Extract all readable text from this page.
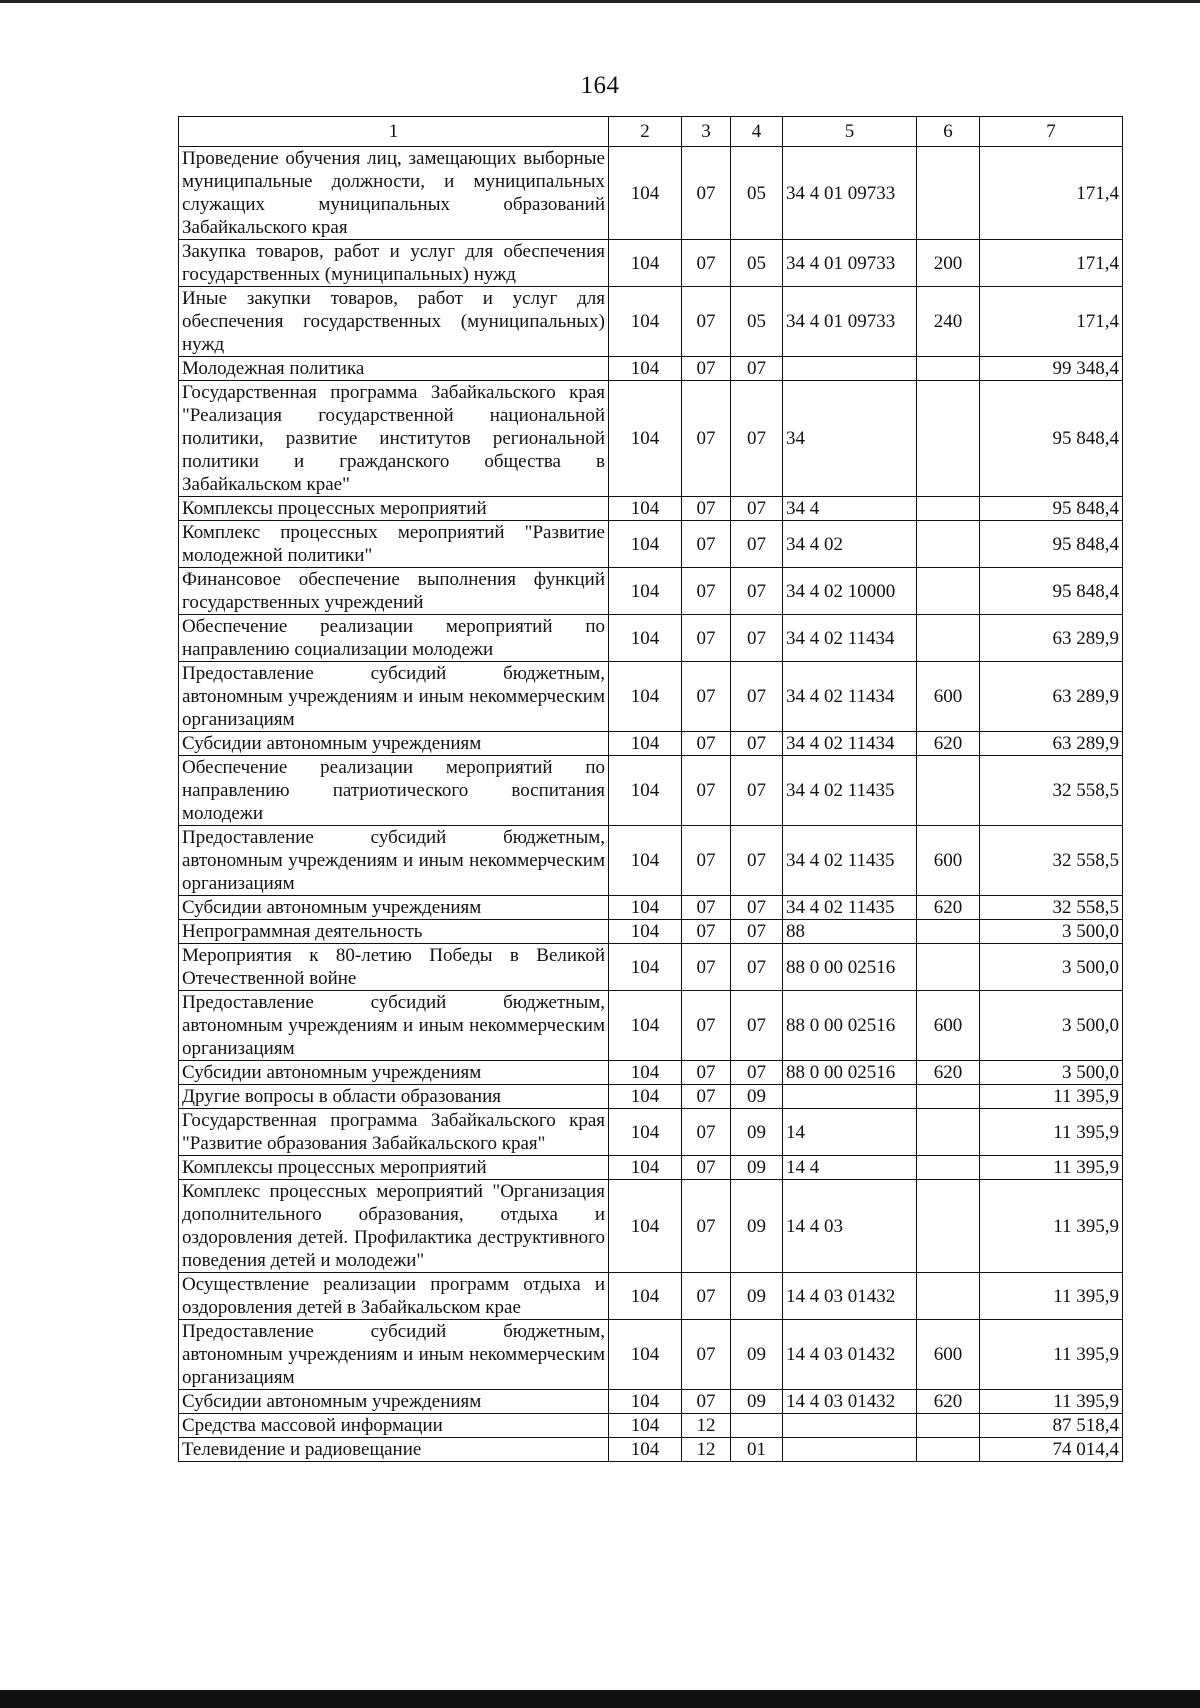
164
1	2	3	4	5	6	7
Проведение обучения лиц, замещающих выборные муниципальные должности, и муниципальных служащих муниципальных образований Забайкальского края	104	07	05	34 4 01 09733		171,4
Закупка товаров, работ и услуг для обеспечения государственных (муниципальных) нужд	104	07	05	34 4 01 09733	200	171,4
Иные закупки товаров, работ и услуг для обеспечения государственных (муниципальных) нужд	104	07	05	34 4 01 09733	240	171,4
Молодежная политика	104	07	07			99 348,4
Государственная программа Забайкальского края "Реализация государственной национальной политики, развитие институтов региональной политики и гражданского общества в Забайкальском крае"	104	07	07	34		95 848,4
Комплексы процессных мероприятий	104	07	07	34 4		95 848,4
Комплекс процессных мероприятий "Развитие молодежной политики"	104	07	07	34 4 02		95 848,4
Финансовое обеспечение выполнения функций государственных учреждений	104	07	07	34 4 02 10000		95 848,4
Обеспечение реализации мероприятий по направлению социализации молодежи	104	07	07	34 4 02 11434		63 289,9
Предоставление субсидий бюджетным, автономным учреждениям и иным некоммерческим организациям	104	07	07	34 4 02 11434	600	63 289,9
Субсидии автономным учреждениям	104	07	07	34 4 02 11434	620	63 289,9
Обеспечение реализации мероприятий по направлению патриотического воспитания молодежи	104	07	07	34 4 02 11435		32 558,5
Предоставление субсидий бюджетным, автономным учреждениям и иным некоммерческим организациям	104	07	07	34 4 02 11435	600	32 558,5
Субсидии автономным учреждениям	104	07	07	34 4 02 11435	620	32 558,5
Непрограммная деятельность	104	07	07	88		3 500,0
Мероприятия к 80-летию Победы в Великой Отечественной войне	104	07	07	88 0 00 02516		3 500,0
Предоставление субсидий бюджетным, автономным учреждениям и иным некоммерческим организациям	104	07	07	88 0 00 02516	600	3 500,0
Субсидии автономным учреждениям	104	07	07	88 0 00 02516	620	3 500,0
Другие вопросы в области образования	104	07	09			11 395,9
Государственная программа Забайкальского края "Развитие образования Забайкальского края"	104	07	09	14		11 395,9
Комплексы процессных мероприятий	104	07	09	14 4		11 395,9
Комплекс процессных мероприятий "Организация дополнительного образования, отдыха и оздоровления детей. Профилактика деструктивного поведения детей и молодежи"	104	07	09	14 4 03		11 395,9
Осуществление реализации программ отдыха и оздоровления детей в Забайкальском крае	104	07	09	14 4 03 01432		11 395,9
Предоставление субсидий бюджетным, автономным учреждениям и иным некоммерческим организациям	104	07	09	14 4 03 01432	600	11 395,9
Субсидии автономным учреждениям	104	07	09	14 4 03 01432	620	11 395,9
Средства массовой информации	104	12				87 518,4
Телевидение и радиовещание	104	12	01			74 014,4
